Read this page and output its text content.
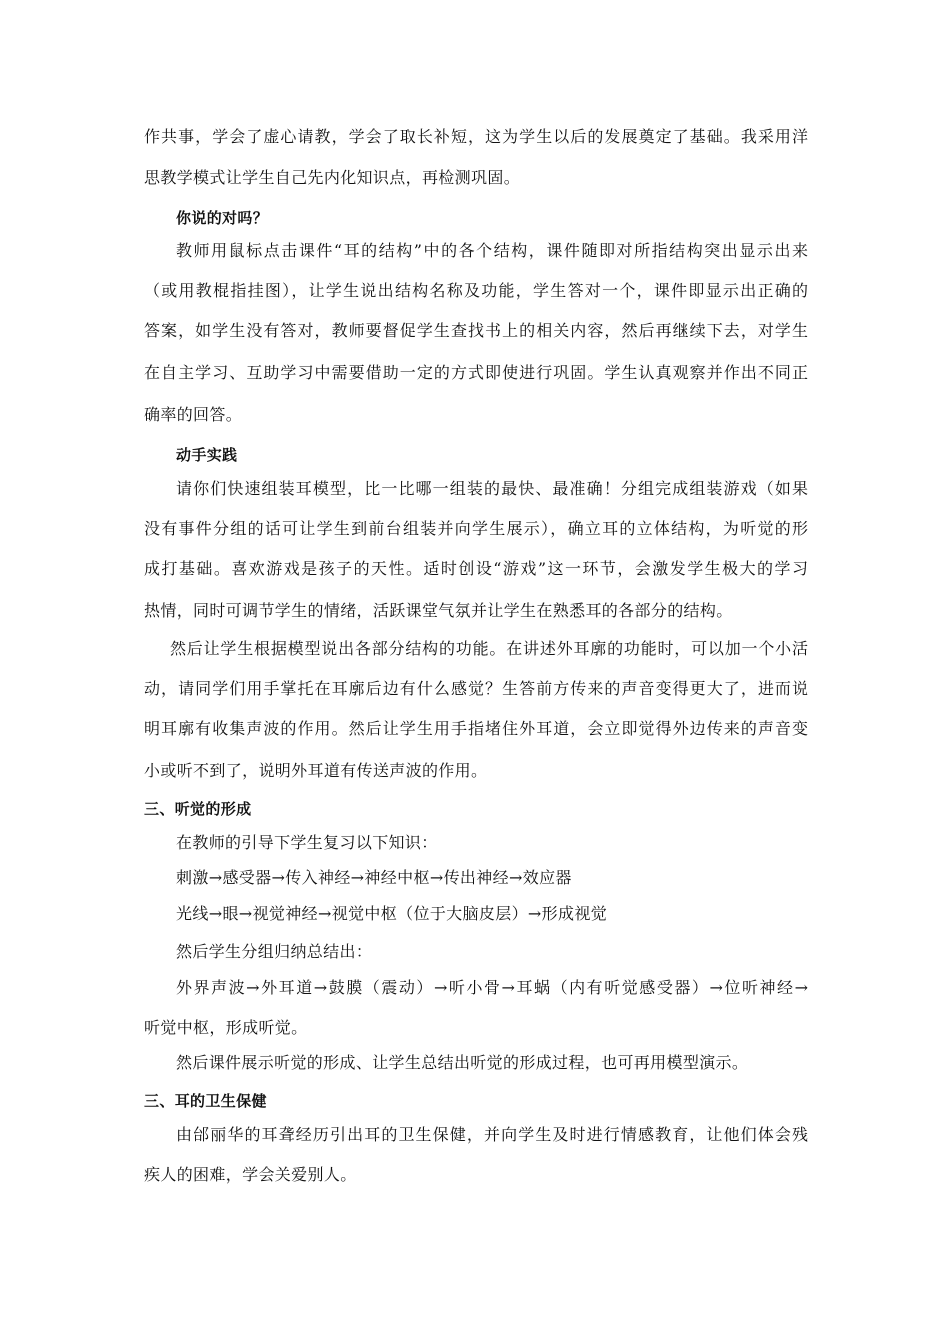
作共事，学会了虚心请教，学会了取长补短，这为学生以后的发展奠定了基础。我采用洋
思教学模式让学生自己先内化知识点，再检测巩固。
你说的对吗？
教师用鼠标点击课件“耳的结构”中的各个结构，课件随即对所指结构突出显示出来
（或用教棍指挂图），让学生说出结构名称及功能，学生答对一个，课件即显示出正确的
答案，如学生没有答对，教师要督促学生查找书上的相关内容，然后再继续下去，对学生
在自主学习、互助学习中需要借助一定的方式即使进行巩固。学生认真观察并作出不同正
确率的回答。
动手实践
请你们快速组装耳模型，比一比哪一组装的最快、最准确！分组完成组装游戏（如果
没有事件分组的话可让学生到前台组装并向学生展示），确立耳的立体结构，为听觉的形
成打基础。喜欢游戏是孩子的天性。适时创设“游戏”这一环节，会激发学生极大的学习
热情，同时可调节学生的情绪，活跃课堂气氛并让学生在熟悉耳的各部分的结构。
然后让学生根据模型说出各部分结构的功能。在讲述外耳廓的功能时，可以加一个小活
动，请同学们用手掌托在耳廓后边有什么感觉？生答前方传来的声音变得更大了，进而说
明耳廓有收集声波的作用。然后让学生用手指堵住外耳道，会立即觉得外边传来的声音变
小或听不到了，说明外耳道有传送声波的作用。
三、听觉的形成
在教师的引导下学生复习以下知识：
刺激→感受器→传入神经→神经中枢→传出神经→效应器
光线→眼→视觉神经→视觉中枢（位于大脑皮层）→形成视觉
然后学生分组归纳总结出：
外界声波→外耳道→鼓膜（震动）→听小骨→耳蜗（内有听觉感受器）→位听神经→
听觉中枢，形成听觉。
然后课件展示听觉的形成、让学生总结出听觉的形成过程，也可再用模型演示。
三、耳的卫生保健
由邰丽华的耳聋经历引出耳的卫生保健，并向学生及时进行情感教育，让他们体会残
疾人的困难，学会关爱别人。
